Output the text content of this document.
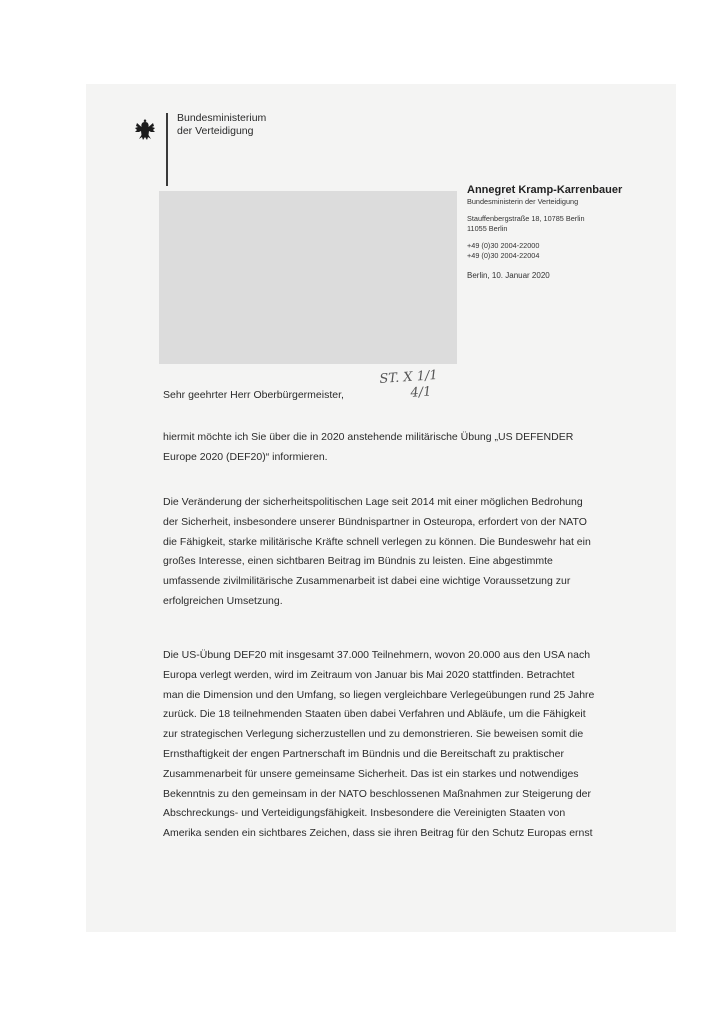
Bundesministerium
der Verteidigung
Annegret Kramp-Karrenbauer
Bundesministerin der Verteidigung
Stauffenbergstraße 18, 10785 Berlin
11055 Berlin
+49 (0)30 2004-22000
+49 (0)30 2004-22004
Berlin, 10. Januar 2020
ST. X 1/1
4/1
Sehr geehrter Herr Oberbürgermeister,
hiermit möchte ich Sie über die in 2020 anstehende militärische Übung „US DEFENDER
Europe 2020 (DEF20)“ informieren.
Die Veränderung der sicherheitspolitischen Lage seit 2014 mit einer möglichen Bedrohung
der Sicherheit, insbesondere unserer Bündnispartner in Osteuropa, erfordert von der NATO
die Fähigkeit, starke militärische Kräfte schnell verlegen zu können. Die Bundeswehr hat ein
großes Interesse, einen sichtbaren Beitrag im Bündnis zu leisten. Eine abgestimmte
umfassende zivilmilitärische Zusammenarbeit ist dabei eine wichtige Voraussetzung zur
erfolgreichen Umsetzung.
Die US-Übung DEF20 mit insgesamt 37.000 Teilnehmern, wovon 20.000 aus den USA nach
Europa verlegt werden, wird im Zeitraum von Januar bis Mai 2020 stattfinden. Betrachtet
man die Dimension und den Umfang, so liegen vergleichbare Verlegeübungen rund 25 Jahre
zurück. Die 18 teilnehmenden Staaten üben dabei Verfahren und Abläufe, um die Fähigkeit
zur strategischen Verlegung sicherzustellen und zu demonstrieren. Sie beweisen somit die
Ernsthaftigkeit der engen Partnerschaft im Bündnis und die Bereitschaft zu praktischer
Zusammenarbeit für unsere gemeinsame Sicherheit. Das ist ein starkes und notwendiges
Bekenntnis zu den gemeinsam in der NATO beschlossenen Maßnahmen zur Steigerung der
Abschreckungs- und Verteidigungsfähigkeit. Insbesondere die Vereinigten Staaten von
Amerika senden ein sichtbares Zeichen, dass sie ihren Beitrag für den Schutz Europas ernst
